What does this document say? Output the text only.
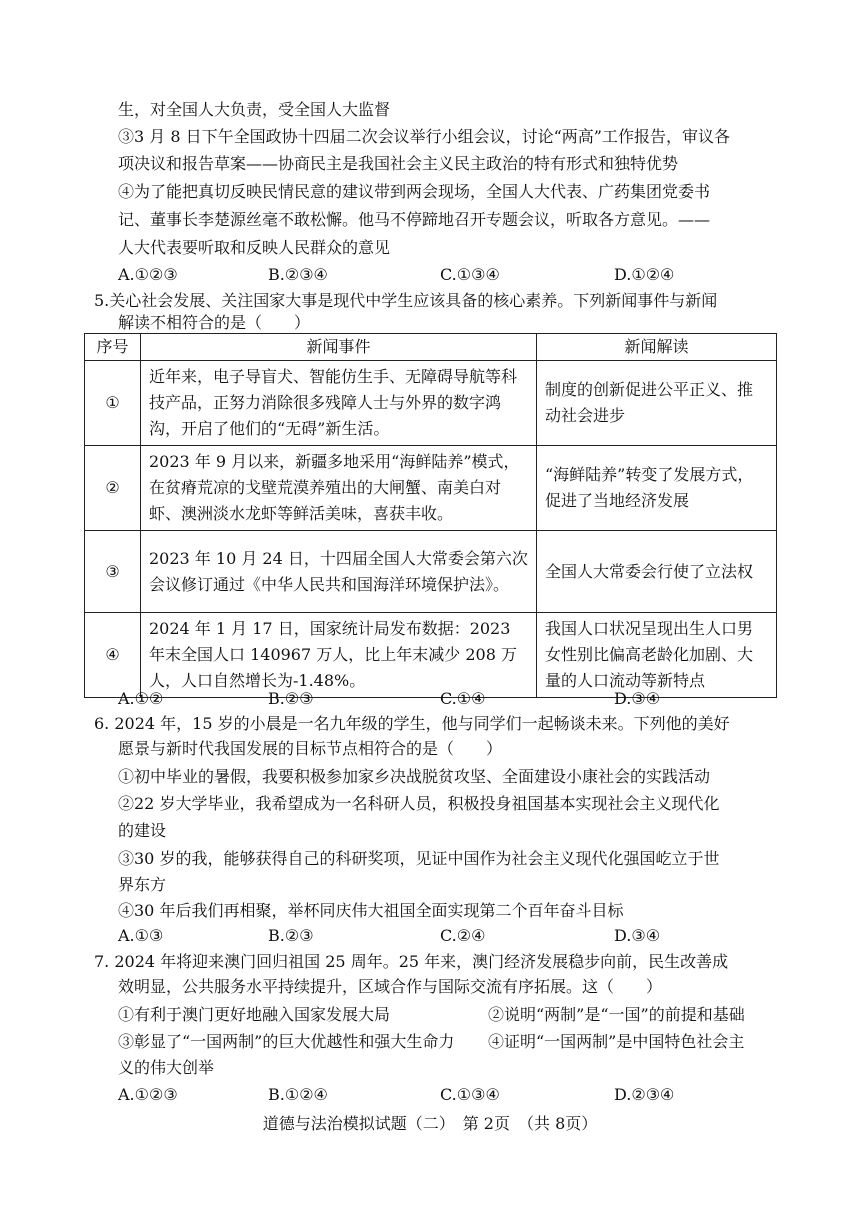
生，对全国人大负责，受全国人大监督
③3 月 8 日下午全国政协十四届二次会议举行小组会议，讨论“两高”工作报告，审议各
项决议和报告草案——协商民主是我国社会主义民主政治的特有形式和独特优势
④为了能把真切反映民情民意的建议带到两会现场，全国人大代表、广药集团党委书
记、董事长李楚源丝毫不敢松懈。他马不停蹄地召开专题会议，听取各方意见。——
人大代表要听取和反映人民群众的意见
A.①②③	B.②③④	C.①③④	D.①②④
5.关心社会发展、关注国家大事是现代中学生应该具备的核心素养。下列新闻事件与新闻
解读不相符合的是（　　）
序号	新闻事件	新闻解读
①	近年来，电子导盲犬、智能仿生手、无障碍导航等科技产品，正努力消除很多残障人士与外界的数字鸿沟，开启了他们的“无碍”新生活。	制度的创新促进公平正义、推动社会进步
②	2023 年 9 月以来，新疆多地采用“海鲜陆养”模式，在贫瘠荒凉的戈壁荒漠养殖出的大闸蟹、南美白对虾、澳洲淡水龙虾等鲜活美味，喜获丰收。	“海鲜陆养”转变了发展方式，促进了当地经济发展
③	2023 年 10 月 24 日，十四届全国人大常委会第六次会议修订通过《中华人民共和国海洋环境保护法》。	全国人大常委会行使了立法权
④	2024 年 1 月 17 日，国家统计局发布数据：2023 年末全国人口 140967 万人，比上年末减少 208 万人，人口自然增长为-1.48%。	我国人口状况呈现出生人口男女性别比偏高老龄化加剧、大量的人口流动等新特点
A.①②	B.②③	C.①④	D.③④
6. 2024 年，15 岁的小晨是一名九年级的学生，他与同学们一起畅谈未来。下列他的美好
愿景与新时代我国发展的目标节点相符合的是（　　）
①初中毕业的暑假，我要积极参加家乡决战脱贫攻坚、全面建设小康社会的实践活动
②22 岁大学毕业，我希望成为一名科研人员，积极投身祖国基本实现社会主义现代化
的建设
③30 岁的我，能够获得自己的科研奖项，见证中国作为社会主义现代化强国屹立于世
界东方
④30 年后我们再相聚，举杯同庆伟大祖国全面实现第二个百年奋斗目标
A.①③	B.②③	C.②④	D.③④
7. 2024 年将迎来澳门回归祖国 25 周年。25 年来，澳门经济发展稳步向前，民生改善成
效明显，公共服务水平持续提升，区域合作与国际交流有序拓展。这（　　）
①有利于澳门更好地融入国家发展大局	②说明“两制”是“一国”的前提和基础
③彰显了“一国两制”的巨大优越性和强大生命力 ④证明“一国两制”是中国特色社会主
义的伟大创举
A.①②③	B.①②④	C.①③④	D.②③④
道德与法治模拟试题（二）　第 2页　（共 8页）
